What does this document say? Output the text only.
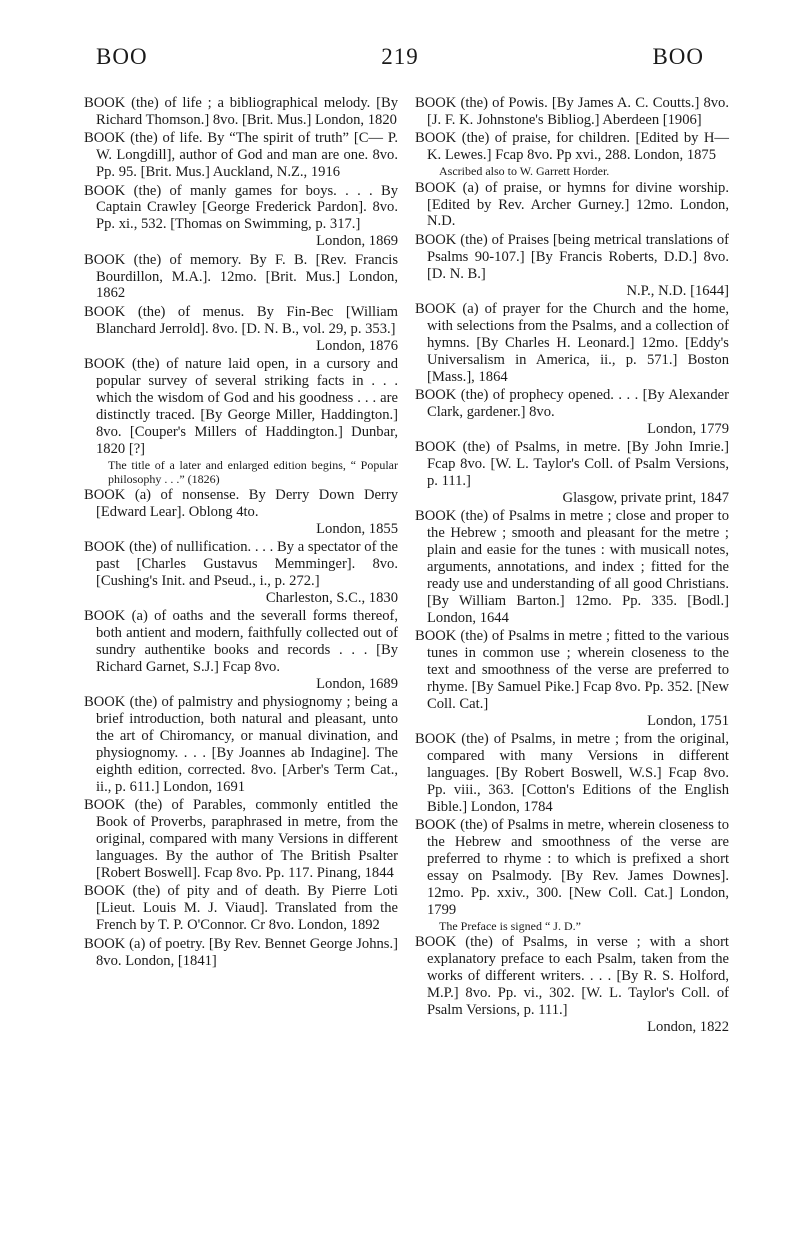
BOO	219	BOO

BOOK (the) of life ; a bibliographical melody. [By Richard Thomson.] 8vo. [Brit. Mus.] London, 1820

BOOK (the) of life. By “The spirit of truth” [C— P. W. Longdill], author of God and man are one. 8vo. Pp. 95. [Brit. Mus.] Auckland, N.Z., 1916

BOOK (the) of manly games for boys. . . . By Captain Crawley [George Frederick Pardon]. 8vo. Pp. xi., 532. [Thomas on Swimming, p. 317.]

London, 1869

BOOK (the) of memory. By F. B. [Rev. Francis Bourdillon, M.A.]. 12mo. [Brit. Mus.] London, 1862

BOOK (the) of menus. By Fin-Bec [William Blanchard Jerrold]. 8vo. [D. N. B., vol. 29, p. 353.]

London, 1876

BOOK (the) of nature laid open, in a cursory and popular survey of several striking facts in . . . which the wisdom of God and his goodness . . . are distinctly traced. [By George Miller, Haddington.] 8vo. [Couper's Millers of Haddington.] Dunbar, 1820 [?]

The title of a later and enlarged edition begins, “ Popular philosophy . . .” (1826)

BOOK (a) of nonsense. By Derry Down Derry [Edward Lear]. Oblong 4to.

London, 1855

BOOK (the) of nullification. . . . By a spectator of the past [Charles Gustavus Memminger]. 8vo. [Cushing's Init. and Pseud., i., p. 272.]

Charleston, S.C., 1830

BOOK (a) of oaths and the severall forms thereof, both antient and modern, faithfully collected out of sundry authentike books and records . . . [By Richard Garnet, S.J.] Fcap 8vo.

London, 1689

BOOK (the) of palmistry and physiognomy ; being a brief introduction, both natural and pleasant, unto the art of Chiromancy, or manual divination, and physiognomy. . . . [By Joannes ab Indagine]. The eighth edition, corrected. 8vo. [Arber's Term Cat., ii., p. 611.] London, 1691

BOOK (the) of Parables, commonly entitled the Book of Proverbs, paraphrased in metre, from the original, compared with many Versions in different languages. By the author of The British Psalter [Robert Boswell]. Fcap 8vo. Pp. 117. Pinang, 1844

BOOK (the) of pity and of death. By Pierre Loti [Lieut. Louis M. J. Viaud]. Translated from the French by T. P. O'Connor. Cr 8vo. London, 1892

BOOK (a) of poetry. [By Rev. Bennet George Johns.] 8vo. London, [1841]

BOOK (the) of Powis. [By James A. C. Coutts.] 8vo. [J. F. K. Johnstone's Bibliog.] Aberdeen [1906]

BOOK (the) of praise, for children. [Edited by H— K. Lewes.] Fcap 8vo. Pp xvi., 288. London, 1875

Ascribed also to W. Garrett Horder.

BOOK (a) of praise, or hymns for divine worship. [Edited by Rev. Archer Gurney.] 12mo. London, N.D.

BOOK (the) of Praises [being metrical translations of Psalms 90-107.] [By Francis Roberts, D.D.] 8vo. [D. N. B.]

N.P., N.D. [1644]

BOOK (a) of prayer for the Church and the home, with selections from the Psalms, and a collection of hymns. [By Charles H. Leonard.] 12mo. [Eddy's Universalism in America, ii., p. 571.] Boston [Mass.], 1864

BOOK (the) of prophecy opened. . . . [By Alexander Clark, gardener.] 8vo.

London, 1779

BOOK (the) of Psalms, in metre. [By John Imrie.] Fcap 8vo. [W. L. Taylor's Coll. of Psalm Versions, p. 111.]

Glasgow, private print, 1847

BOOK (the) of Psalms in metre ; close and proper to the Hebrew ; smooth and pleasant for the metre ; plain and easie for the tunes : with musicall notes, arguments, annotations, and index ; fitted for the ready use and understanding of all good Christians. [By William Barton.] 12mo. Pp. 335. [Bodl.] London, 1644

BOOK (the) of Psalms in metre ; fitted to the various tunes in common use ; wherein closeness to the text and smoothness of the verse are preferred to rhyme. [By Samuel Pike.] Fcap 8vo. Pp. 352. [New Coll. Cat.]

London, 1751

BOOK (the) of Psalms, in metre ; from the original, compared with many Versions in different languages. [By Robert Boswell, W.S.] Fcap 8vo. Pp. viii., 363. [Cotton's Editions of the English Bible.] London, 1784

BOOK (the) of Psalms in metre, wherein closeness to the Hebrew and smoothness of the verse are preferred to rhyme : to which is prefixed a short essay on Psalmody. [By Rev. James Downes]. 12mo. Pp. xxiv., 300. [New Coll. Cat.] London, 1799

The Preface is signed “ J. D.”

BOOK (the) of Psalms, in verse ; with a short explanatory preface to each Psalm, taken from the works of different writers. . . . [By R. S. Holford, M.P.] 8vo. Pp. vi., 302. [W. L. Taylor's Coll. of Psalm Versions, p. 111.]

London, 1822
